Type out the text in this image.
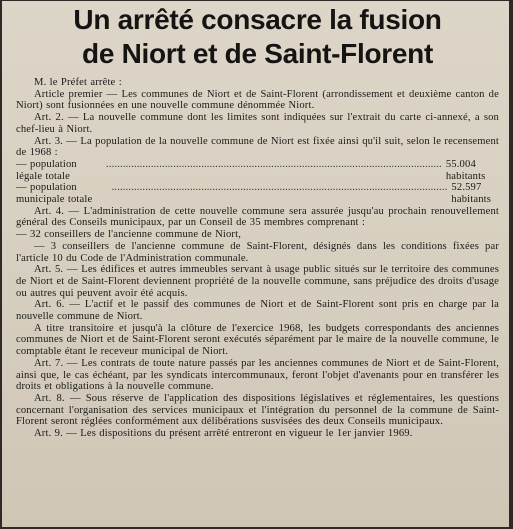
Un arrêté consacre la fusion
de Niort et de Saint-Florent

M. le Préfet arrête :

Article premier — Les communes de Niort et de Saint-Florent (arrondissement et deuxième canton de Niort) sont fusionnées en une nouvelle commune dénommée Niort.

Art. 2. — La nouvelle commune dont les limites sont indiquées sur l'extrait du carte ci-annexé, a son chef-lieu à Niort.

Art. 3. — La population de la nouvelle commune de Niort est fixée ainsi qu'il suit, selon le recensement de 1968 :

— population légale totale
........................................................................................................................ 55.004 habitants
— population municipale totale
........................................................................................................................ 52.597 habitants

Art. 4. — L'administration de cette nouvelle commune sera assurée jusqu'au prochain renouvellement général des Conseils municipaux, par un Conseil de 35 membres comprenant :

— 32 conseillers de l'ancienne commune de Niort,

— 3 conseillers de l'ancienne commune de Saint-Florent, désignés dans les conditions fixées par l'article 10 du Code de l'Administration communale.

Art. 5. — Les édifices et autres immeubles servant à usage public situés sur le territoire des communes de Niort et de Saint-Florent deviennent propriété de la nouvelle commune, sans préjudice des droits d'usage ou autres qui peuvent avoir été acquis.

Art. 6. — L'actif et le passif des communes de Niort et de Saint-Florent sont pris en charge par la nouvelle commune de Niort.

A titre transitoire et jusqu'à la clôture de l'exercice 1968, les budgets correspondants des anciennes communes de Niort et de Saint-Florent seront exécutés séparément par le maire de la nouvelle commune, le comptable étant le receveur municipal de Niort.

Art. 7. — Les contrats de toute nature passés par les anciennes communes de Niort et de Saint-Florent, ainsi que, le cas échéant, par les syndicats intercommunaux, feront l'objet d'avenants pour en transférer les droits et obligations à la nouvelle commune.

Art. 8. — Sous réserve de l'application des dispositions législatives et réglementaires, les questions concernant l'organisation des services municipaux et l'intégration du personnel de la commune de Saint-Florent seront réglées conformément aux délibérations susvisées des deux Conseils municipaux.

Art. 9. — Les dispositions du présent arrêté entreront en vigueur le 1er janvier 1969.
